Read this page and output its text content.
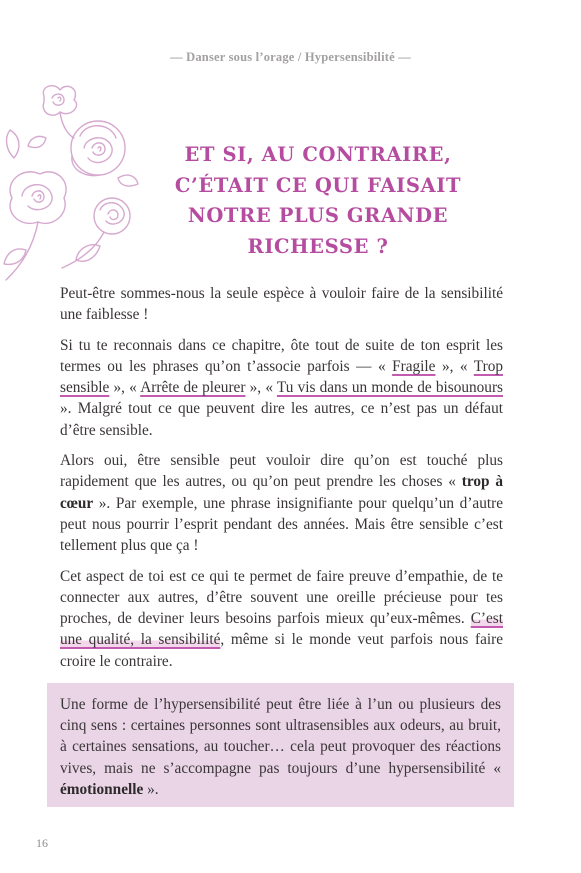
— Danser sous l’orage / Hypersensibilité —
ET SI, AU CONTRAIRE,
C’ÉTAIT CE QUI FAISAIT
NOTRE PLUS GRANDE
RICHESSE ?

Peut-être sommes-nous la seule espèce à vouloir faire de la sensibilité une faiblesse !

Si tu te reconnais dans ce chapitre, ôte tout de suite de ton esprit les termes ou les phrases qu’on t’associe parfois — « Fragile », « Trop sensible », « Arrête de pleurer », « Tu vis dans un monde de bisounours ». Malgré tout ce que peuvent dire les autres, ce n’est pas un défaut d’être sensible.

Alors oui, être sensible peut vouloir dire qu’on est touché plus rapidement que les autres, ou qu’on peut prendre les choses « trop à cœur ». Par exemple, une phrase insignifiante pour quelqu’un d’autre peut nous pourrir l’esprit pendant des années. Mais être sensible c’est tellement plus que ça !

Cet aspect de toi est ce qui te permet de faire preuve d’empathie, de te connecter aux autres, d’être souvent une oreille précieuse pour tes proches, de deviner leurs besoins parfois mieux qu’eux-mêmes. C’est une qualité, la sensibilité, même si le monde veut parfois nous faire croire le contraire.

Une forme de l’hypersensibilité peut être liée à l’un ou plusieurs des cinq sens : certaines personnes sont ultrasensibles aux odeurs, au bruit, à certaines sensations, au toucher… cela peut provoquer des réactions vives, mais ne s’accompagne pas toujours d’une hypersensibilité « émotionnelle ».

16
